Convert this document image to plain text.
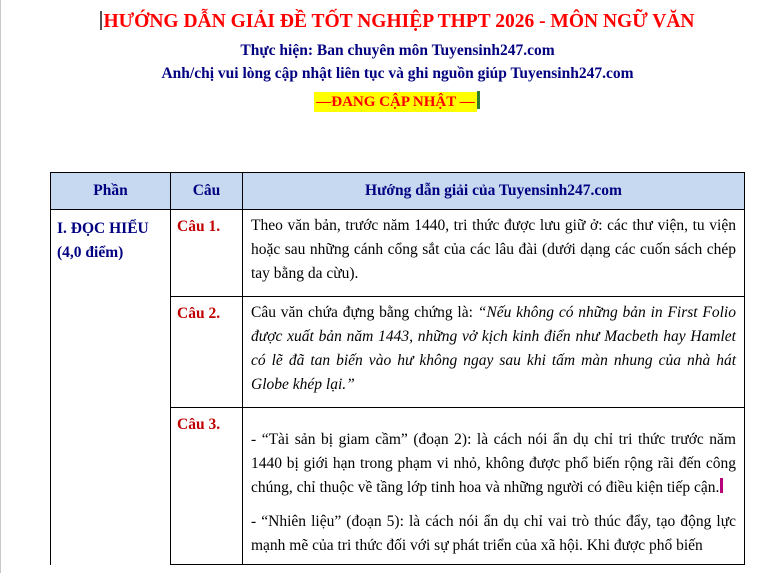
HƯỚNG DẪN GIẢI ĐỀ TỐT NGHIỆP THPT 2026 - MÔN NGỮ VĂN
Thực hiện: Ban chuyên môn Tuyensinh247.com
Anh/chị vui lòng cập nhật liên tục và ghi nguồn giúp Tuyensinh247.com
—ĐANG CẬP NHẬT —
Phần	Câu	Hướng dẫn giải của Tuyensinh247.com

I. ĐỌC HIỂU
(4,0 điểm)	Câu 1.	Theo văn bản, trước năm 1440, tri thức được lưu giữ ở: các thư viện, tu viện hoặc sau những cánh cổng sắt của các lâu đài (dưới dạng các cuốn sách chép tay bằng da cừu).

	Câu 2.	Câu văn chứa đựng bằng chứng là: “Nếu không có những bản in First Folio được xuất bản năm 1443, những vở kịch kinh điển như Macbeth hay Hamlet có lẽ đã tan biến vào hư không ngay sau khi tấm màn nhung của nhà hát Globe khép lại.”

	Câu 3.	- “Tài sản bị giam cầm” (đoạn 2): là cách nói ẩn dụ chỉ tri thức trước năm 1440 bị giới hạn trong phạm vi nhỏ, không được phổ biến rộng rãi đến công chúng, chỉ thuộc về tầng lớp tinh hoa và những người có điều kiện tiếp cận.

- “Nhiên liệu” (đoạn 5): là cách nói ẩn dụ chỉ vai trò thúc đẩy, tạo động lực mạnh mẽ của tri thức đối với sự phát triển của xã hội. Khi được phổ biến
